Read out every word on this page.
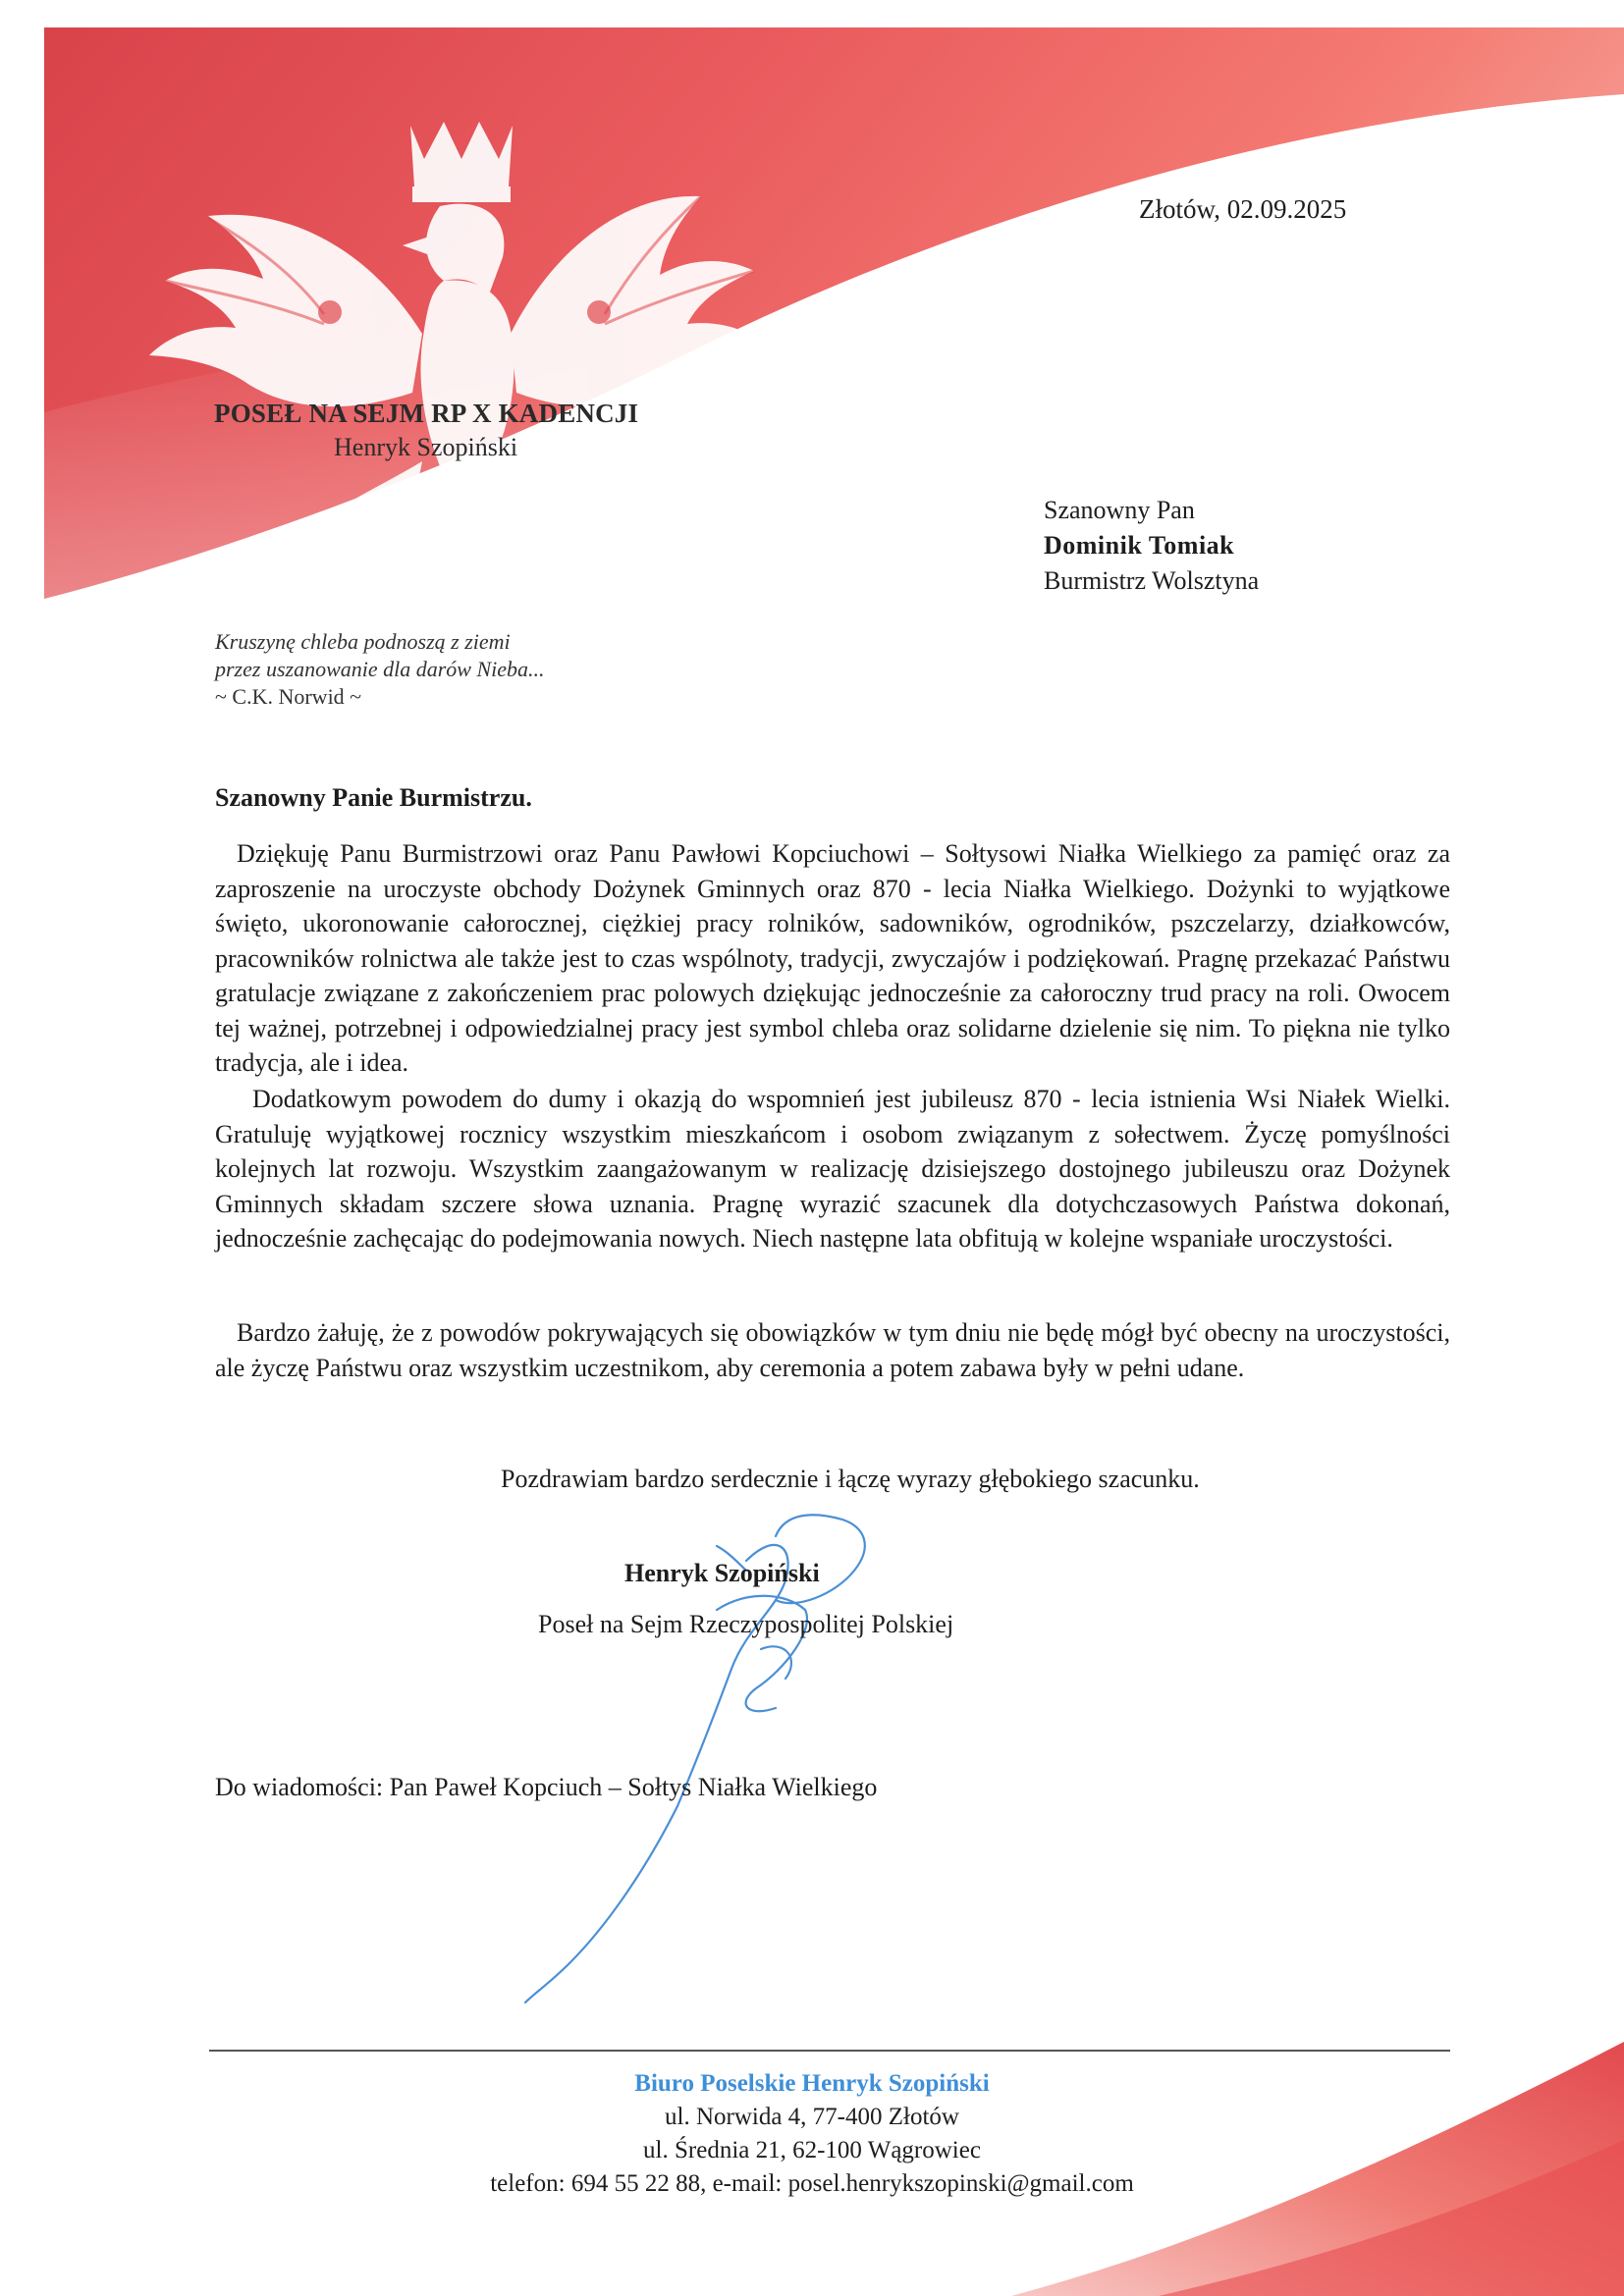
Złotów, 02.09.2025
POSEŁ NA SEJM RP X KADENCJI
Henryk Szopiński
Szanowny Pan
Dominik Tomiak
Burmistrz Wolsztyna
Kruszynę chleba podnoszą z ziemi
przez uszanowanie dla darów Nieba...
~ C.K. Norwid ~
Szanowny Panie Burmistrzu.
Dziękuję Panu Burmistrzowi oraz Panu Pawłowi Kopciuchowi – Sołtysowi Niałka Wielkiego za pamięć oraz za zaproszenie na uroczyste obchody Dożynek Gminnych oraz 870 - lecia Niałka Wielkiego. Dożynki to wyjątkowe święto, ukoronowanie całorocznej, ciężkiej pracy rolników, sadowników, ogrodników, pszczelarzy, działkowców, pracowników rolnictwa ale także jest to czas wspólnoty, tradycji, zwyczajów i podziękowań. Pragnę przekazać Państwu gratulacje związane z zakończeniem prac polowych dziękując jednocześnie za całoroczny trud pracy na roli. Owocem tej ważnej, potrzebnej i odpowiedzialnej pracy jest symbol chleba oraz solidarne dzielenie się nim. To piękna nie tylko tradycja, ale i idea.
Dodatkowym powodem do dumy i okazją do wspomnień jest jubileusz 870 - lecia istnienia Wsi Niałek Wielki. Gratuluję wyjątkowej rocznicy wszystkim mieszkańcom i osobom związanym z sołectwem. Życzę pomyślności kolejnych lat rozwoju. Wszystkim zaangażowanym w realizację dzisiejszego dostojnego jubileuszu oraz Dożynek Gminnych składam szczere słowa uznania. Pragnę wyrazić szacunek dla dotychczasowych Państwa dokonań, jednocześnie zachęcając do podejmowania nowych. Niech następne lata obfitują w kolejne wspaniałe uroczystości.
Bardzo żałuję, że z powodów pokrywających się obowiązków w tym dniu nie będę mógł być obecny na uroczystości, ale życzę Państwu oraz wszystkim uczestnikom, aby ceremonia a potem zabawa były w pełni udane.
Pozdrawiam bardzo serdecznie i łączę wyrazy głębokiego szacunku.
Henryk Szopiński
Poseł na Sejm Rzeczypospolitej Polskiej
Do wiadomości: Pan Paweł Kopciuch – Sołtys Niałka Wielkiego
Biuro Poselskie Henryk Szopiński
ul. Norwida 4, 77-400 Złotów
ul. Średnia 21, 62-100 Wągrowiec
telefon: 694 55 22 88, e-mail: posel.henrykszopinski@gmail.com
